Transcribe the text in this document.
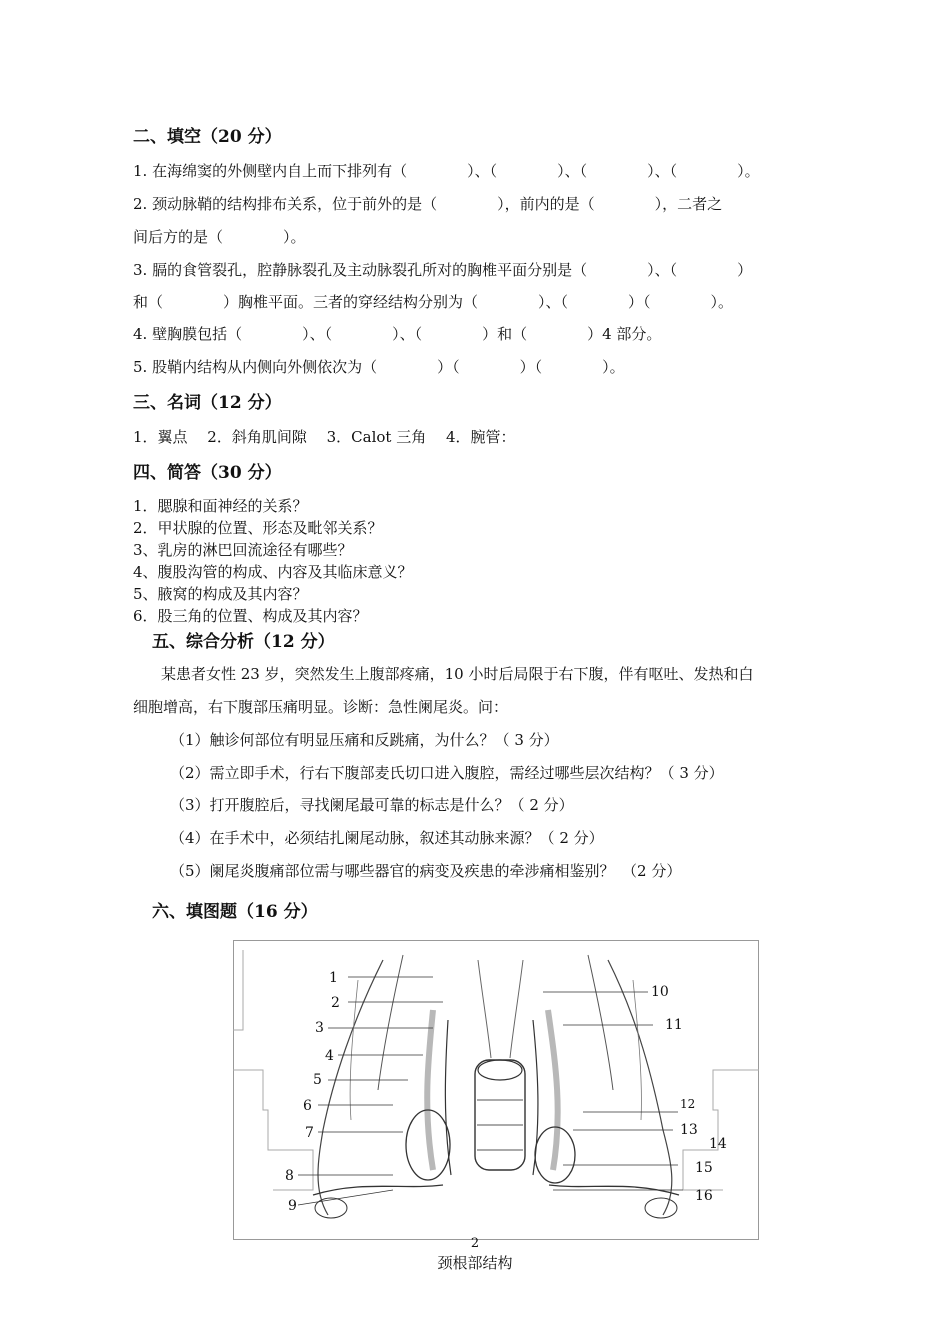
二、填空（20 分）
1. 在海绵窦的外侧壁内自上而下排列有（　　　　）、（　　　　）、（　　　　）、（　　　　）。
2. 颈动脉鞘的结构排布关系，位于前外的是（　　　　），前内的是（　　　　），二者之
间后方的是（　　　　）。
3. 膈的食管裂孔，腔静脉裂孔及主动脉裂孔所对的胸椎平面分别是（　　　　）、（　　　　）
和（　　　　）胸椎平面。三者的穿经结构分别为（　　　　）、（　　　　）（　　　　）。
4. 壁胸膜包括（　　　　）、（　　　　）、（　　　　）和（　　　　）4 部分。
5. 股鞘内结构从内侧向外侧依次为（　　　　）（　　　　）（　　　　）。
三、名词（12 分）
1．翼点　 2．斜角肌间隙　 3．Calot 三角　 4．腕管：
四、简答（30 分）
1．腮腺和面神经的关系？
2．甲状腺的位置、形态及毗邻关系？
3、乳房的淋巴回流途径有哪些？
4、腹股沟管的构成、内容及其临床意义？
5、腋窝的构成及其内容？
6．股三角的位置、构成及其内容？
五、综合分析（12 分）
某患者女性 23 岁，突然发生上腹部疼痛，10 小时后局限于右下腹，伴有呕吐、发热和白
细胞增高，右下腹部压痛明显。诊断：急性阑尾炎。问：
（1）触诊何部位有明显压痛和反跳痛，为什么？（ 3 分）
（2）需立即手术，行右下腹部麦氏切口进入腹腔，需经过哪些层次结构？（ 3 分）
（3）打开腹腔后，寻找阑尾最可靠的标志是什么？（ 2 分）
（4）在手术中，必须结扎阑尾动脉，叙述其动脉来源？（ 2 分）
（5）阑尾炎腹痛部位需与哪些器官的病变及疾患的牵涉痛相鉴别？　（2 分）
六、填图题（16 分）
1
2
3
4
5
6
7
8
9
10
11
12
13
14
15
16
2
颈根部结构
